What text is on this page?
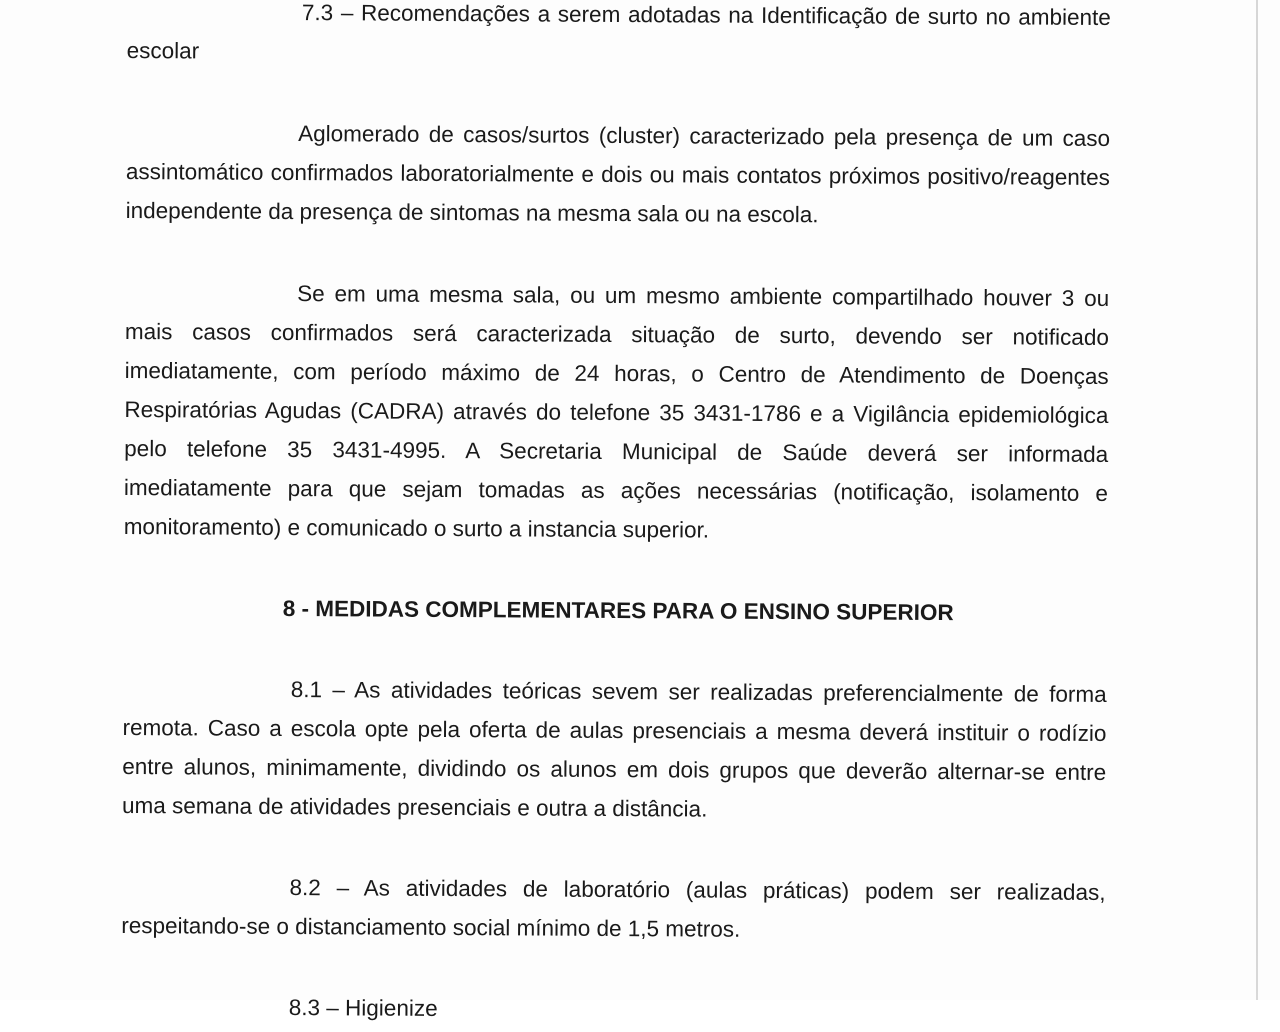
7.3 – Recomendações a serem adotadas na Identificação de surto no ambiente escolar

Aglomerado de casos/surtos (cluster) caracterizado pela presença de um caso assintomático confirmados laboratorialmente e dois ou mais contatos próximos positivo/reagentes independente da presença de sintomas na mesma sala ou na escola.

Se em uma mesma sala, ou um mesmo ambiente compartilhado houver 3 ou mais casos confirmados será caracterizada situação de surto, devendo ser notificado imediatamente, com período máximo de 24 horas, o Centro de Atendimento de Doenças Respiratórias Agudas (CADRA) através do telefone 35 3431-1786 e a Vigilância epidemiológica pelo telefone 35 3431-4995. A Secretaria Municipal de Saúde deverá ser informada imediatamente para que sejam tomadas as ações necessárias (notificação, isolamento e monitoramento) e comunicado o surto a instancia superior.

8 - MEDIDAS COMPLEMENTARES PARA O ENSINO SUPERIOR

8.1 – As atividades teóricas sevem ser realizadas preferencialmente de forma remota. Caso a escola opte pela oferta de aulas presenciais a mesma deverá instituir o rodízio entre alunos, minimamente, dividindo os alunos em dois grupos que deverão alternar-se entre uma semana de atividades presenciais e outra a distância.

8.2 – As atividades de laboratório (aulas práticas) podem ser realizadas, respeitando-se o distanciamento social mínimo de 1,5 metros.

8.3 – Higienize
